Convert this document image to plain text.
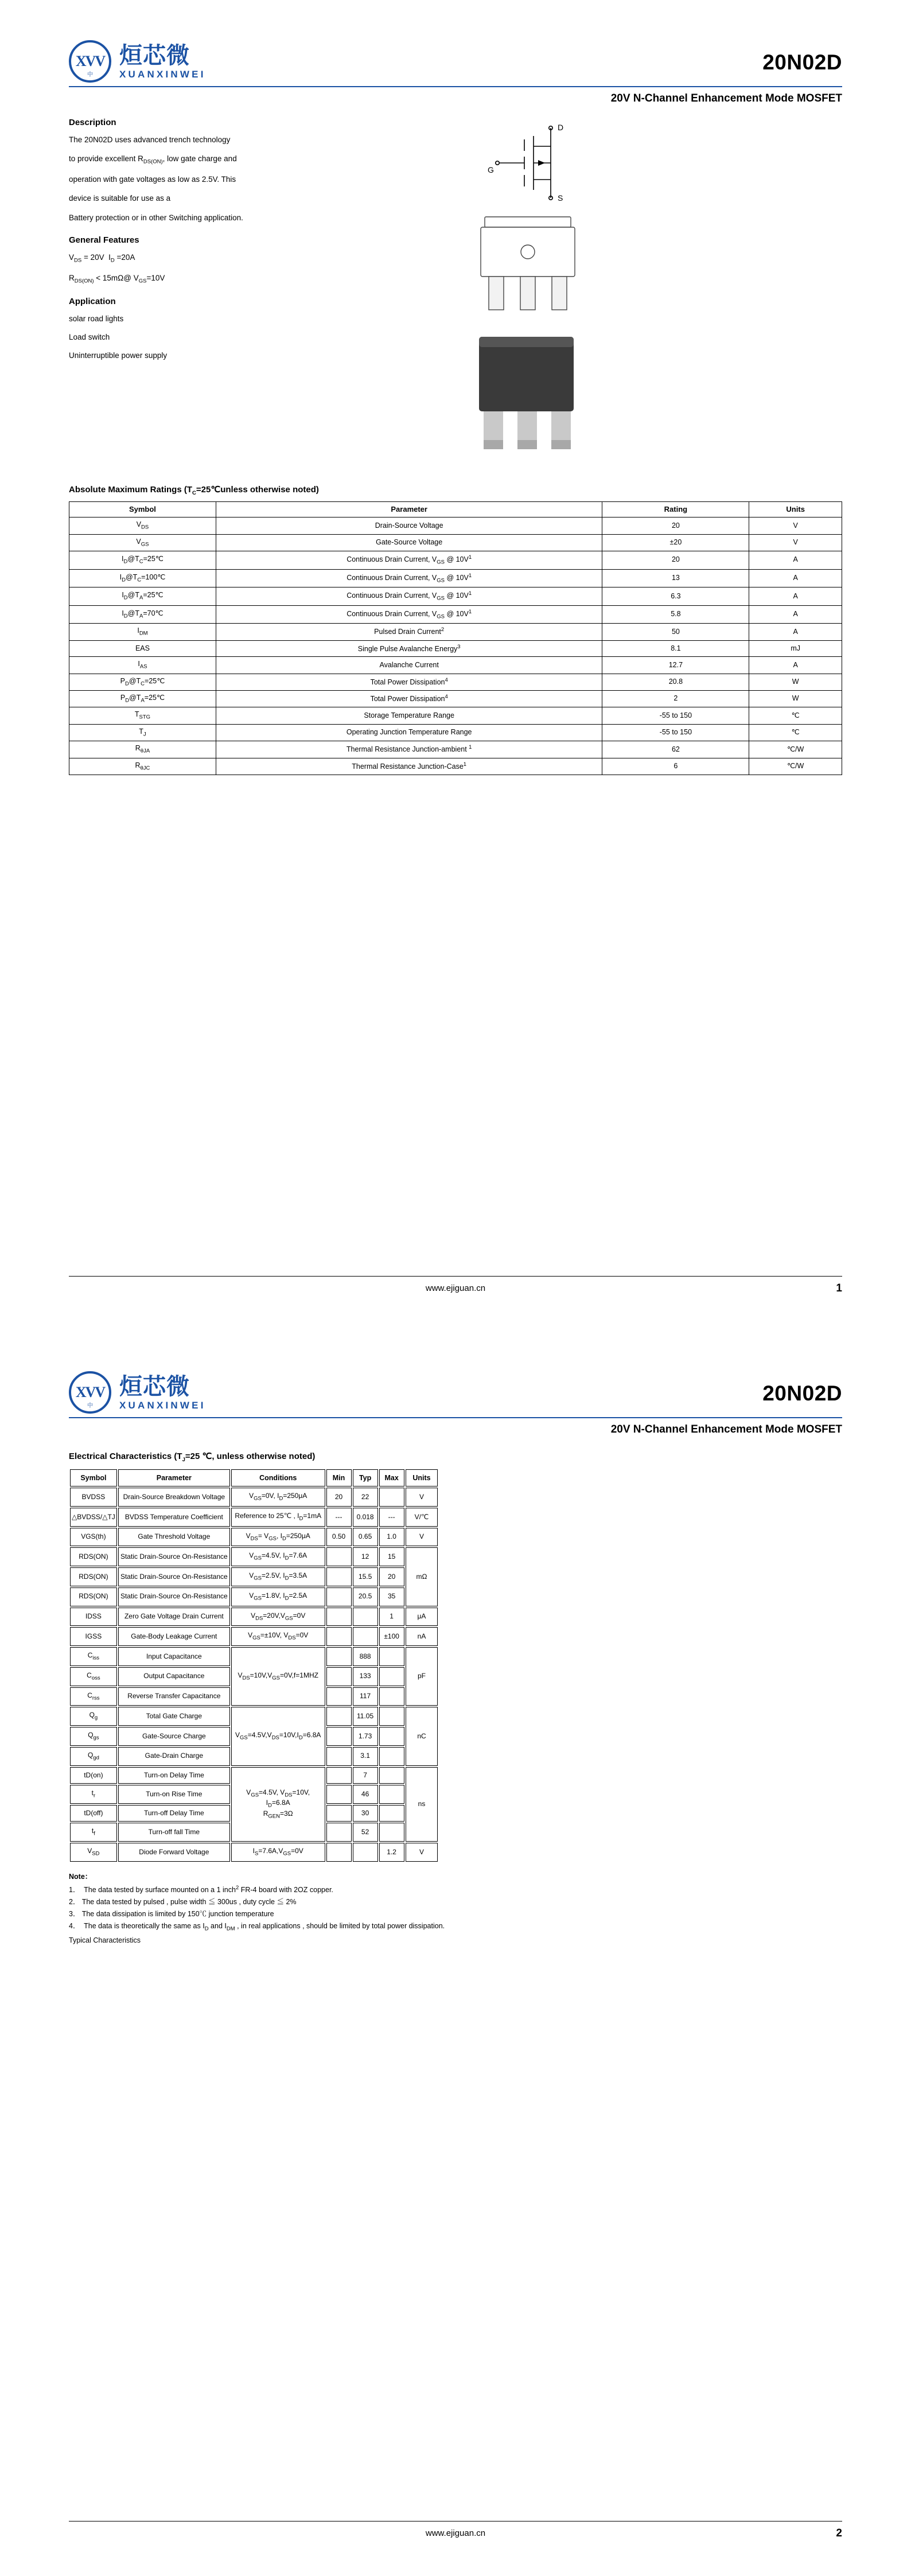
XVV
中
烜芯微
XUANXINWEI
20N02D
20V N-Channel Enhancement Mode MOSFET
Description

The 20N02D uses advanced trench technology

to provide excellent $R_{DS(ON)}$, low gate charge and

operation with gate voltages as low as 2.5V. This

device is suitable for use as a

Battery protection or in other Switching application.

General Features
$V_{DS} = 20V$  $I_D =20A$
$R_{DS(ON)}$ < 15mΩ@ $V_{GS}=10V$
Application
solar road lights
Load switch
Uninterruptible power supply
D
S
G
Absolute Maximum Ratings ($T_C=25℃unless$ otherwise noted)
Symbol	Parameter	Rating	Units
$V_{DS}$	Drain-Source Voltage	20	V
$V_{GS}$	Gate-Source Voltage	±20	V
$I_D@T_C=25℃$	Continuous Drain Current, $V_{GS}$ @ $10V^1$	20	A
$I_D@T_C=100℃$	Continuous Drain Current, $V_{GS}$ @ $10V^1$	13	A
$I_D@T_A=25℃$	Continuous Drain Current, $V_{GS}$ @ $10V^1$	6.3	A
$I_D@T_A=70℃$	Continuous Drain Current, $V_{GS}$ @ $10V^1$	5.8	A
$I_{DM}$	Pulsed Drain Current$^2$	50	A
EAS	Single Pulse Avalanche Energy$^3$	8.1	mJ
$I_{AS}$	Avalanche Current	12.7	A
$P_D@T_C=25℃$	Total Power Dissipation$^4$	20.8	W
$P_D@T_A=25℃$	Total Power Dissipation$^4$	2	W
$T_{STG}$	Storage Temperature Range	-55 to 150	℃
$T_J$	Operating Junction Temperature Range	-55 to 150	℃
$R_{\theta JA}$	Thermal Resistance Junction-ambient $^1$	62	℃/W
$R_{\theta JC}$	Thermal Resistance Junction-Case$^1$	6	℃/W
www.ejiguan.cn	1
XVV
中
烜芯微
XUANXINWEI
20N02D
20V N-Channel Enhancement Mode MOSFET
Electrical Characteristics ($T_J=25$ ℃, unless otherwise noted)
Symbol	Parameter	Conditions	Min	Typ	Max	Units
BVDSS	Drain-Source Breakdown Voltage	$V_{GS}=0V$, $I_D=250\mu A$	20	22		V
△BVDSS/△TJ	BVDSS Temperature Coefficient	Reference to 25℃ , $I_D=1mA$	---	0.018	---	V/℃
VGS(th)	Gate Threshold Voltage	$V_{DS}= V_{GS}$, $I_D=250\mu A$	0.50	0.65	1.0	V
RDS(ON)	Static Drain-Source On-Resistance	$V_{GS}=4.5V$, $I_D=7.6A$		12	15	mΩ
RDS(ON)	Static Drain-Source On-Resistance	$V_{GS}=2.5V$, $I_D=3.5A$		15.5	20	
RDS(ON)	Static Drain-Source On-Resistance	$V_{GS}=1.8V$, $I_D=2.5A$		20.5	35	
IDSS	Zero Gate Voltage Drain Current	$V_{DS}=20V,V_{GS}=0V$			1	μA
IGSS	Gate-Body Leakage Current	$V_{GS}=\pm 10V$, $V_{DS}=0V$			±100	nA
$C_{iss}$	Input Capacitance	$V_{DS}=10V,V_{GS}=0V,f=1MHZ$		888		pF
$C_{oss}$	Output Capacitance			133		
$C_{rss}$	Reverse Transfer Capacitance			117		
$Q_g$	Total Gate Charge	$V_{GS}=4.5V,V_{DS}=10V,I_D=6.8A$		11.05		nC
$Q_{gs}$	Gate-Source Charge			1.73		
$Q_{gd}$	Gate-Drain Charge			3.1		
tD(on)	Turn-on Delay Time	$V_{GS}=4.5V$, $V_{DS}=10V$,
$I_D=6.8A$
$R_{GEN}=3\Omega$		7		ns
$t_r$	Turn-on Rise Time			46		
tD(off)	Turn-off Delay Time			30		
$t_f$	Turn-off fall Time			52		
$V_{SD}$	Diode Forward Voltage	$I_S=7.6A,V_{GS}=0V$			1.2	V
Note：
1．  The data tested by surface mounted on a 1 inch$^2$ FR-4 board with 2OZ copper.
2． The data tested by pulsed , pulse width ≦ 300us , duty cycle ≦ 2%
3． The data dissipation is limited by 150℃ junction temperature
4．  The data is theoretically the same as $I_D$ and $I_{DM}$ , in real applications , should be limited by total power dissipation.
Typical Characteristics
www.ejiguan.cn	2
